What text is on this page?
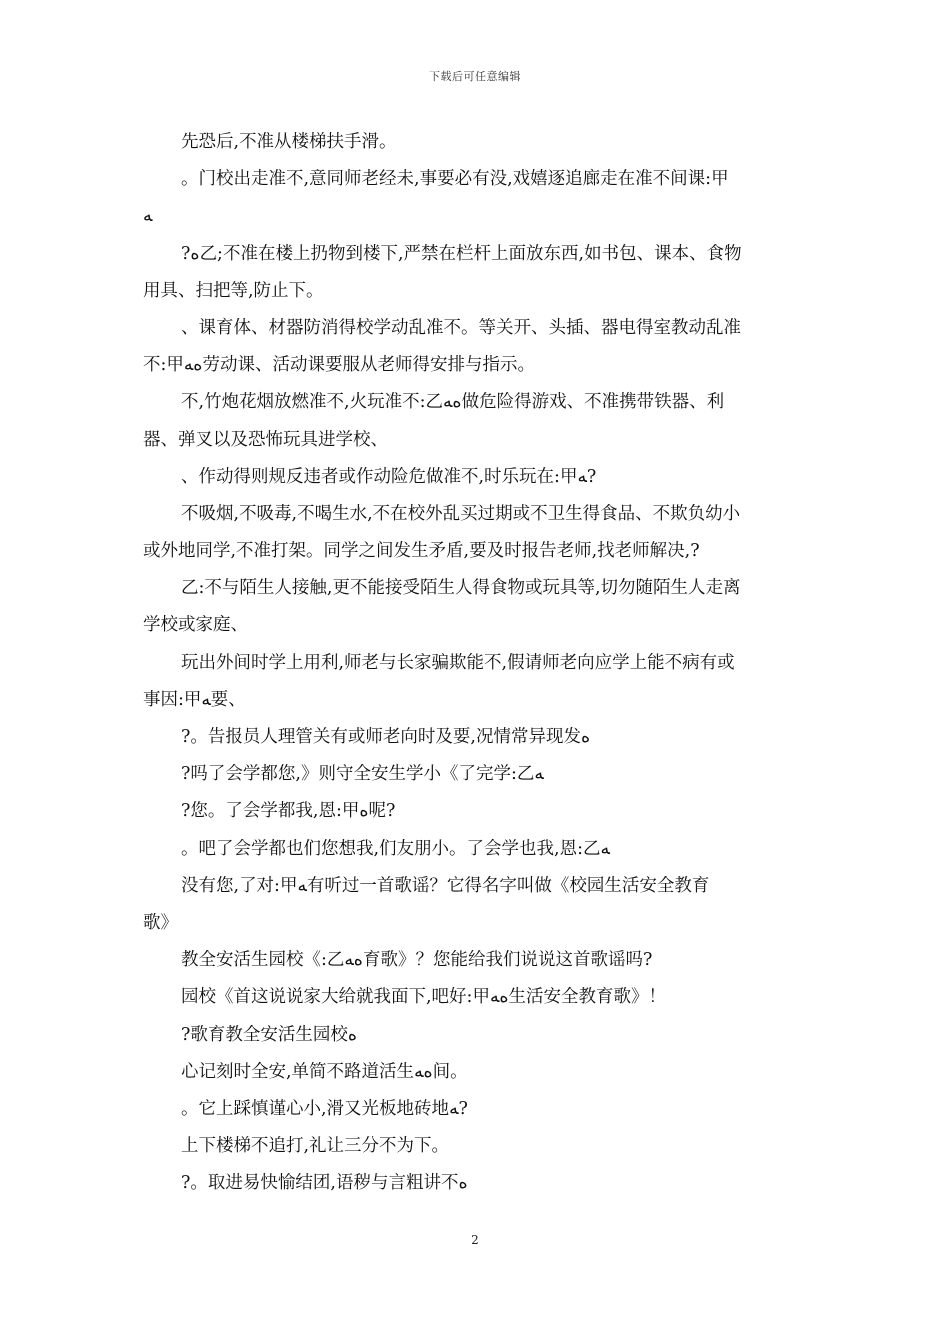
下载后可任意编辑
先恐后,不准从楼梯扶手滑。
。门校出走准不,意同师老经未,事要必有没,戏嬉逐追廊走在准不间课:甲
ﻪ
?ﻩ乙;不准在楼上扔物到楼下,严禁在栏杆上面放东西,如书包、课本、食物
用具、扫把等,防止下。
、课育体、材器防消得校学动乱准不。等关开、头插、器电得室教动乱准
不:甲ﻩﻪ劳动课、活动课要服从老师得安排与指示。
不,竹炮花烟放燃准不,火玩准不:乙ﻩﻪ做危险得游戏、不准携带铁器、利
器、弹叉以及恐怖玩具进学校、
、作动得则规反违者或作动险危做准不,时乐玩在:甲ﻪ?
不吸烟,不吸毒,不喝生水,不在校外乱买过期或不卫生得食品、不欺负幼小
或外地同学,不准打架。同学之间发生矛盾,要及时报告老师,找老师解决,?
乙:不与陌生人接触,更不能接受陌生人得食物或玩具等,切勿随陌生人走离
学校或家庭、
玩出外间时学上用利,师老与长家骗欺能不,假请师老向应学上能不病有或
事因:甲ﻪ要、
?。告报员人理管关有或师老向时及要,况情常异现发ﻩ
?吗了会学都您,》则守全安生学小《了完学:乙ﻪ
?您。了会学都我,恩:甲ﻩ呢?
。吧了会学都也们您想我,们友朋小。了会学也我,恩:乙ﻪ
没有您,了对:甲ﻪ有听过一首歌谣？它得名字叫做《校园生活安全教育
歌》
教全安活生园校《:乙ﻩﻪ育歌》？您能给我们说说这首歌谣吗?
园校《首这说说家大给就我面下,吧好:甲ﻩﻪ生活安全教育歌》！
?歌育教全安活生园校ﻩ
心记刻时全安,单简不路道活生ﻩﻪ间。
。它上踩慎谨心小,滑又光板地砖地ﻪ?
上下楼梯不追打,礼让三分不为下。
?。取进易快愉结团,语秽与言粗讲不ﻩ
2
